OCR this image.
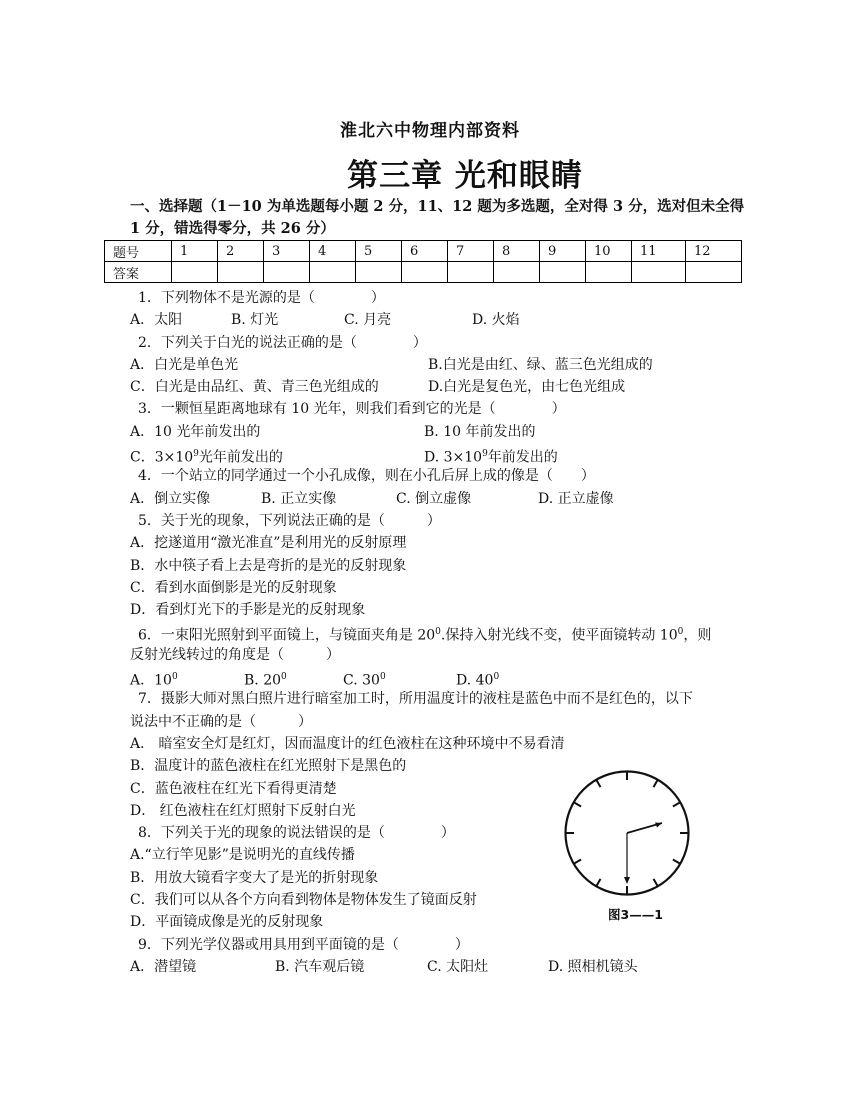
淮北六中物理内部资料
第三章 光和眼睛
一、选择题（1－10 为单选题每小题 2 分，11、12 题为多选题，全对得 3 分，选对但未全得 1 分，错选得零分，共 26 分）
题号	1	2	3	4	5	6	7	8	9	10	11	12
答案												
1．下列物体不是光源的是（　　　　）
A．太阳	B. 灯光	C. 月亮	D. 火焰
2．下列关于白光的说法正确的是（　　　　）
A．白光是单色光	B.白光是由红、绿、蓝三色光组成的
C．白光是由品红、黄、青三色光组成的	D.白光是复色光，由七色光组成
3．一颗恒星距离地球有 10 光年，则我们看到它的光是（　　　　）
A．10 光年前发出的	B. 10 年前发出的
C．$3\times 10^9$光年前发出的	D. $3\times 10^9$年前发出的
4．一个站立的同学通过一个小孔成像，则在小孔后屏上成的像是（　　）
A．倒立实像	B. 正立实像	C. 倒立虚像	D. 正立虚像
5．关于光的现象，下列说法正确的是（　　　）
A．挖遂道用“激光准直”是利用光的反射原理
B．水中筷子看上去是弯折的是光的反射现象
C．看到水面倒影是光的反射现象
D．看到灯光下的手影是光的反射现象
6．一束阳光照射到平面镜上，与镜面夹角是 $20^0$.保持入射光线不变，使平面镜转动 $10^0$，则
反射光线转过的角度是（　　　）
A．$10^0$	B. $20^0$	C. $30^0$	D. $40^0$
7．摄影大师对黑白照片进行暗室加工时，所用温度计的液柱是蓝色中而不是红色的，以下
说法中不正确的是（　　　）
A． 暗室安全灯是红灯，因而温度计的红色液柱在这种环境中不易看清
B．温度计的蓝色液柱在红光照射下是黑色的
C．蓝色液柱在红光下看得更清楚
D． 红色液柱在红灯照射下反射白光
8．下列关于光的现象的说法错误的是（　　　　）
A.“立行竿见影”是说明光的直线传播
B．用放大镜看字变大了是光的折射现象
C．我们可以从各个方向看到物体是物体发生了镜面反射
D．平面镜成像是光的反射现象
9．下列光学仪器或用具用到平面镜的是（　　　　）
A．潜望镜	B. 汽车观后镜	C. 太阳灶	D. 照相机镜头
图3——1
